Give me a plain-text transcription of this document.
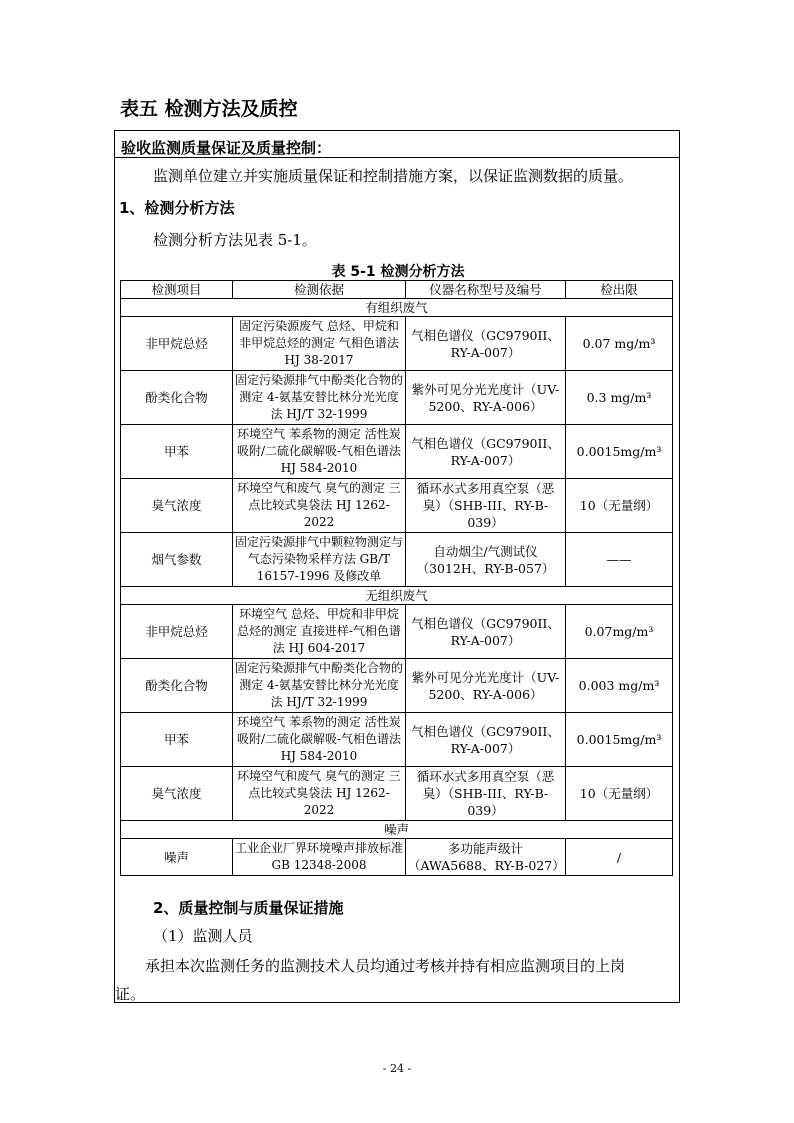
表五 检测方法及质控
验收监测质量保证及质量控制：
监测单位建立并实施质量保证和控制措施方案，以保证监测数据的质量。
1、检测分析方法
检测分析方法见表 5-1。
表 5-1 检测分析方法
检测项目	检测依据	仪器名称型号及编号	检出限
有组织废气			
非甲烷总烃	固定污染源废气 总烃、甲烷和非甲烷总烃的测定 气相色谱法 HJ 38-2017	气相色谱仪（GC9790II、RY-A-007）	0.07 mg/m³
酚类化合物	固定污染源排气中酚类化合物的测定 4-氨基安替比林分光光度法 HJ/T 32-1999	紫外可见分光光度计（UV-5200、RY-A-006）	0.3 mg/m³
甲苯	环境空气 苯系物的测定 活性炭吸附/二硫化碳解吸-气相色谱法 HJ 584-2010	气相色谱仪（GC9790II、RY-A-007）	0.0015mg/m³
臭气浓度	环境空气和废气 臭气的测定 三点比较式臭袋法 HJ 1262-2022	循环水式多用真空泵（恶臭）（SHB-III、RY-B-039）	10（无量纲）
烟气参数	固定污染源排气中颗粒物测定与气态污染物采样方法 GB/T 16157-1996 及修改单	自动烟尘/气测试仪（3012H、RY-B-057）	——
无组织废气			
非甲烷总烃	环境空气 总烃、甲烷和非甲烷总烃的测定 直接进样-气相色谱法 HJ 604-2017	气相色谱仪（GC9790II、RY-A-007）	0.07mg/m³
酚类化合物	固定污染源排气中酚类化合物的测定 4-氨基安替比林分光光度法 HJ/T 32-1999	紫外可见分光光度计（UV-5200、RY-A-006）	0.003 mg/m³
甲苯	环境空气 苯系物的测定 活性炭吸附/二硫化碳解吸-气相色谱法 HJ 584-2010	气相色谱仪（GC9790II、RY-A-007）	0.0015mg/m³
臭气浓度	环境空气和废气 臭气的测定 三点比较式臭袋法 HJ 1262-2022	循环水式多用真空泵（恶臭）（SHB-III、RY-B-039）	10（无量纲）
噪声			
噪声	工业企业厂界环境噪声排放标准 GB 12348-2008	多功能声级计（AWA5688、RY-B-027）	/
2、质量控制与质量保证措施
（1）监测人员
承担本次监测任务的监测技术人员均通过考核并持有相应监测项目的上岗
证。
- 24 -
